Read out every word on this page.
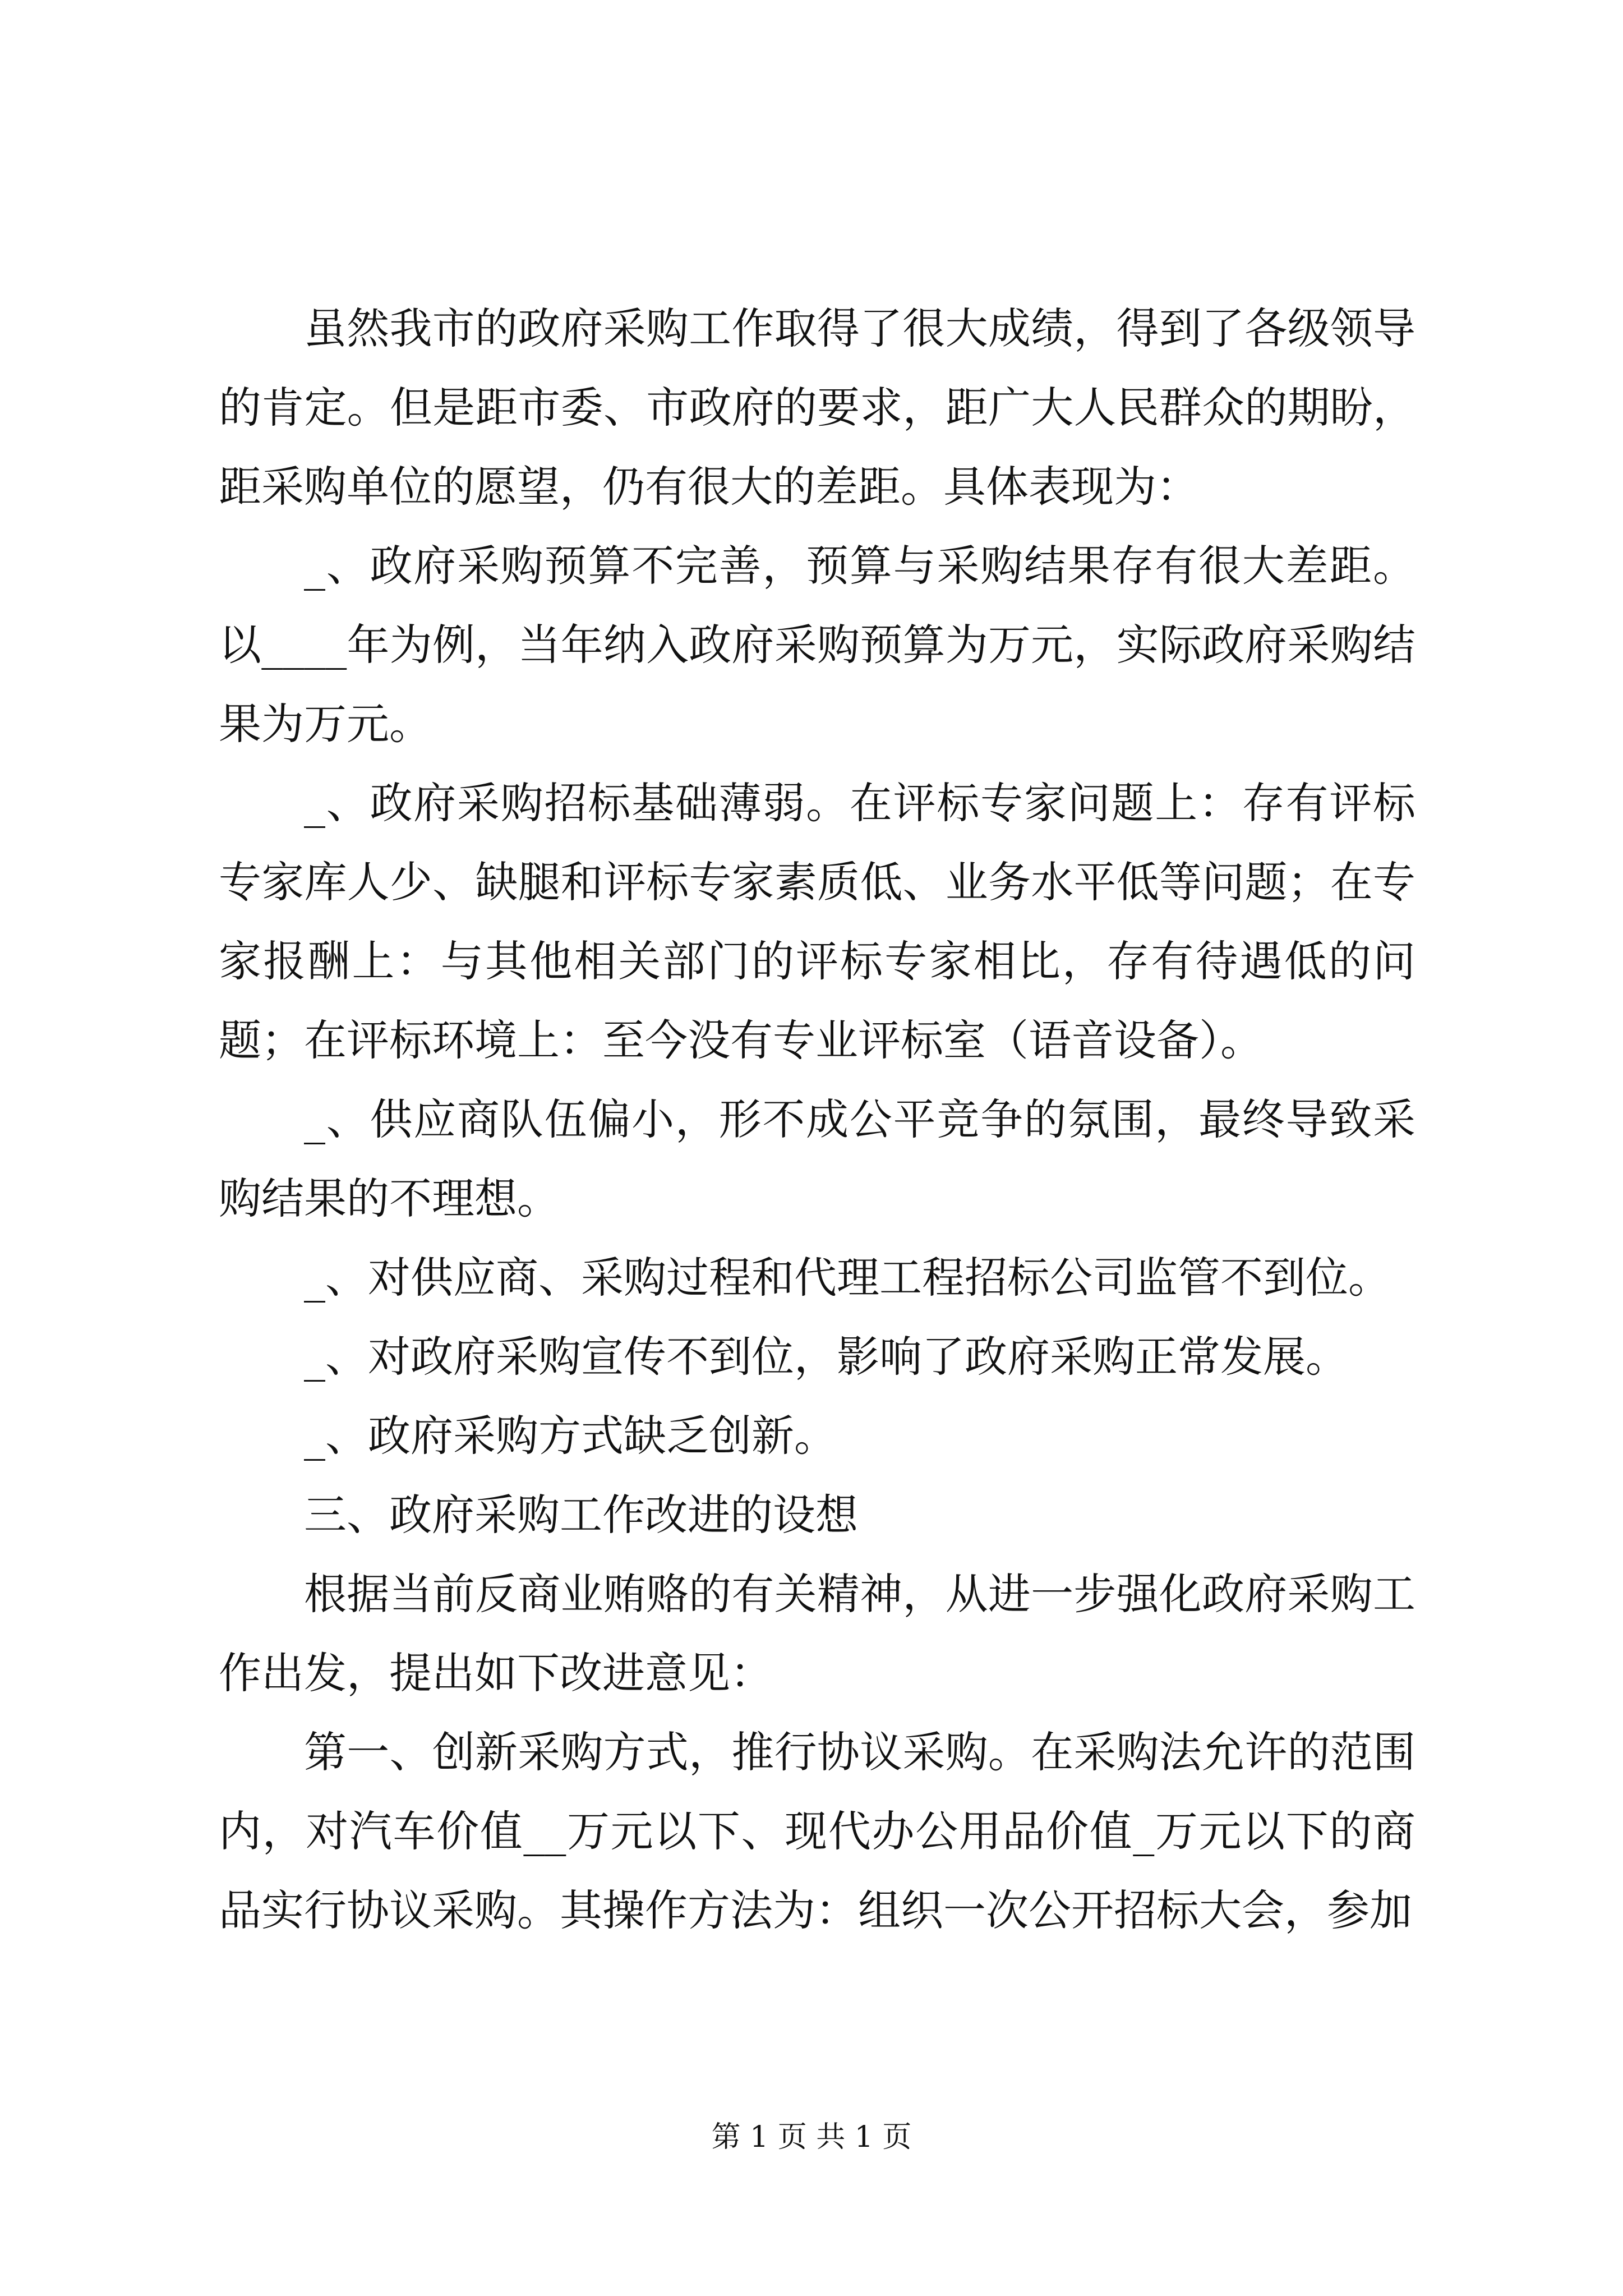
虽然我市的政府采购工作取得了很大成绩，得到了各级领导的肯定。但是距市委、市政府的要求，距广大人民群众的期盼，距采购单位的愿望，仍有很大的差距。具体表现为：

_、政府采购预算不完善，预算与采购结果存有很大差距。以____年为例，当年纳入政府采购预算为万元，实际政府采购结果为万元。

_、政府采购招标基础薄弱。在评标专家问题上：存有评标专家库人少、缺腿和评标专家素质低、业务水平低等问题；在专家报酬上：与其他相关部门的评标专家相比，存有待遇低的问题；在评标环境上：至今没有专业评标室（语音设备）。

_、供应商队伍偏小，形不成公平竞争的氛围，最终导致采购结果的不理想。

_、对供应商、采购过程和代理工程招标公司监管不到位。

_、对政府采购宣传不到位，影响了政府采购正常发展。

_、政府采购方式缺乏创新。

三、政府采购工作改进的设想

根据当前反商业贿赂的有关精神，从进一步强化政府采购工作出发，提出如下改进意见：

第一、创新采购方式，推行协议采购。在采购法允许的范围内，对汽车价值__万元以下、现代办公用品价值_万元以下的商品实行协议采购。其操作方法为：组织一次公开招标大会，参加

第 1 页 共 1 页
